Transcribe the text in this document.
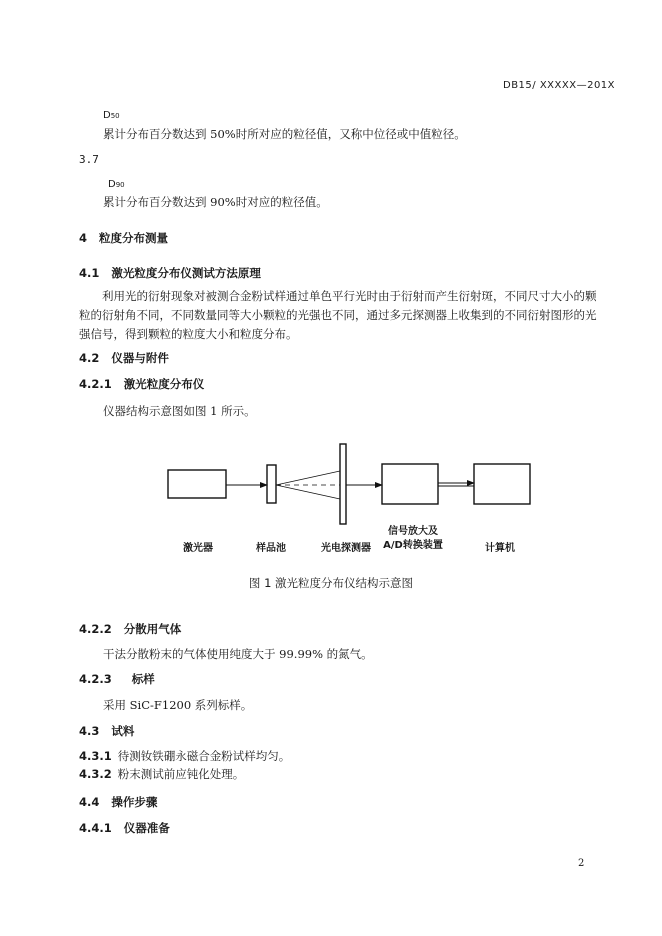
DB15/ XXXXX—201X
D50
累计分布百分数达到 50%时所对应的粒径值，又称中位径或中值粒径。
3.7
D90
累计分布百分数达到 90%时对应的粒径值。
4 粒度分布测量
4.1 激光粒度分布仪测试方法原理
利用光的衍射现象对被测合金粉试样通过单色平行光时由于衍射而产生衍射斑，不同尺寸大小的颗粒的衍射角不同，不同数量同等大小颗粒的光强也不同，通过多元探测器上收集到的不同衍射图形的光强信号，得到颗粒的粒度大小和粒度分布。
4.2 仪器与附件
4.2.1 激光粒度分布仪
仪器结构示意图如图 1 所示。
激光器	样品池	光电探测器
信号放大及
A/D转换装置	计算机
图 1 激光粒度分布仪结构示意图
4.2.2 分散用气体
干法分散粉末的气体使用纯度大于 99.99% 的氮气。
4.2.3 标样
采用 SiC-F1200 系列标样。
4.3 试料
4.3.1 待测钕铁硼永磁合金粉试样均匀。
4.3.2 粉末测试前应钝化处理。
4.4 操作步骤
4.4.1 仪器准备
2
